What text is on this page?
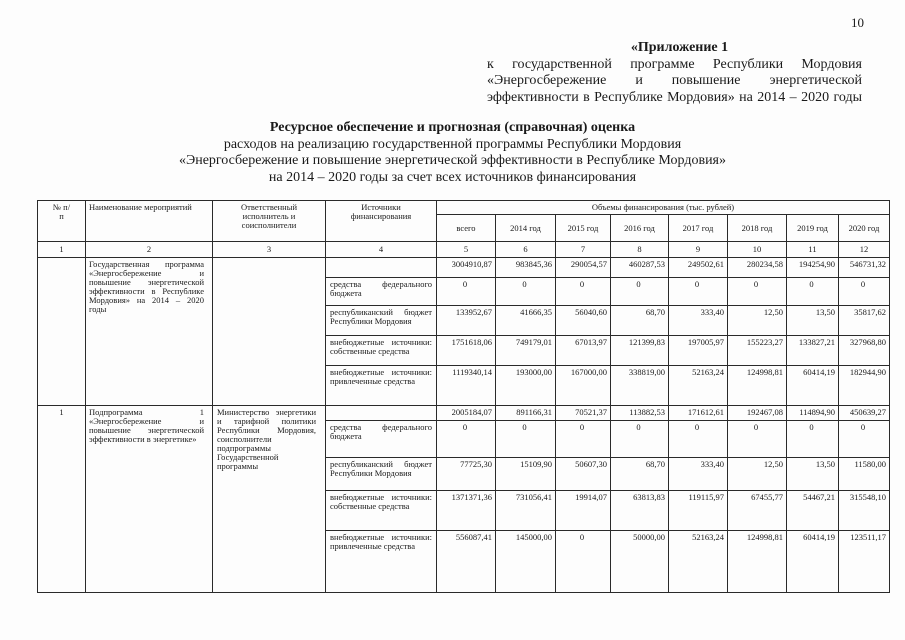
10
«Приложение 1
к государственной программе Республики Мордовия
«Энергосбережение и повышение энергетической
эффективности в Республике Мордовия» на 2014 – 2020 годы
Ресурсное обеспечение и прогнозная (справочная) оценка
расходов на реализацию государственной программы Республики Мордовия
«Энергосбережение и повышение энергетической эффективности в Республике Мордовия»
на 2014 – 2020 годы за счет всех источников финансирования
№ п/п	Наименование мероприятий	Ответственный исполнитель и соисполнители	Источники финансирования	Объемы финансирования (тыс. рублей)							
				всего	2014 год	2015 год	2016 год	2017 год	2018 год	2019 год	2020 год
1	2	3	4	5	6	7	8	9	10	11	12
	Государственная программа «Энергосбережение и повышение энергетической эффективности в Республике Мордовия» на 2014 – 2020 годы			3004910,87	983845,36	290054,57	460287,53	249502,61	280234,58	194254,90	546731,32
			средства федерального бюджета	0	0	0	0	0	0	0	0
			республиканский бюджет Республики Мордовия	133952,67	41666,35	56040,60	68,70	333,40	12,50	13,50	35817,62
			внебюджетные источники: собственные средства	1751618,06	749179,01	67013,97	121399,83	197005,97	155223,27	133827,21	327968,80
			внебюджетные источники: привлеченные средства	1119340,14	193000,00	167000,00	338819,00	52163,24	124998,81	60414,19	182944,90
1	Подпрограмма 1 «Энергосбережение и повышение энергетической эффективности в энергетике»	Министерство энергетики и тарифной политики Республики Мордовия, соисполнители подпрограммы Государственной программы		2005184,07	891166,31	70521,37	113882,53	171612,61	192467,08	114894,90	450639,27
			средства федерального бюджета	0	0	0	0	0	0	0	0
			республиканский бюджет Республики Мордовия	77725,30	15109,90	50607,30	68,70	333,40	12,50	13,50	11580,00
			внебюджетные источники: собственные средства	1371371,36	731056,41	19914,07	63813,83	119115,97	67455,77	54467,21	315548,10
			внебюджетные источники: привлеченные средства	556087,41	145000,00	0	50000,00	52163,24	124998,81	60414,19	123511,17
